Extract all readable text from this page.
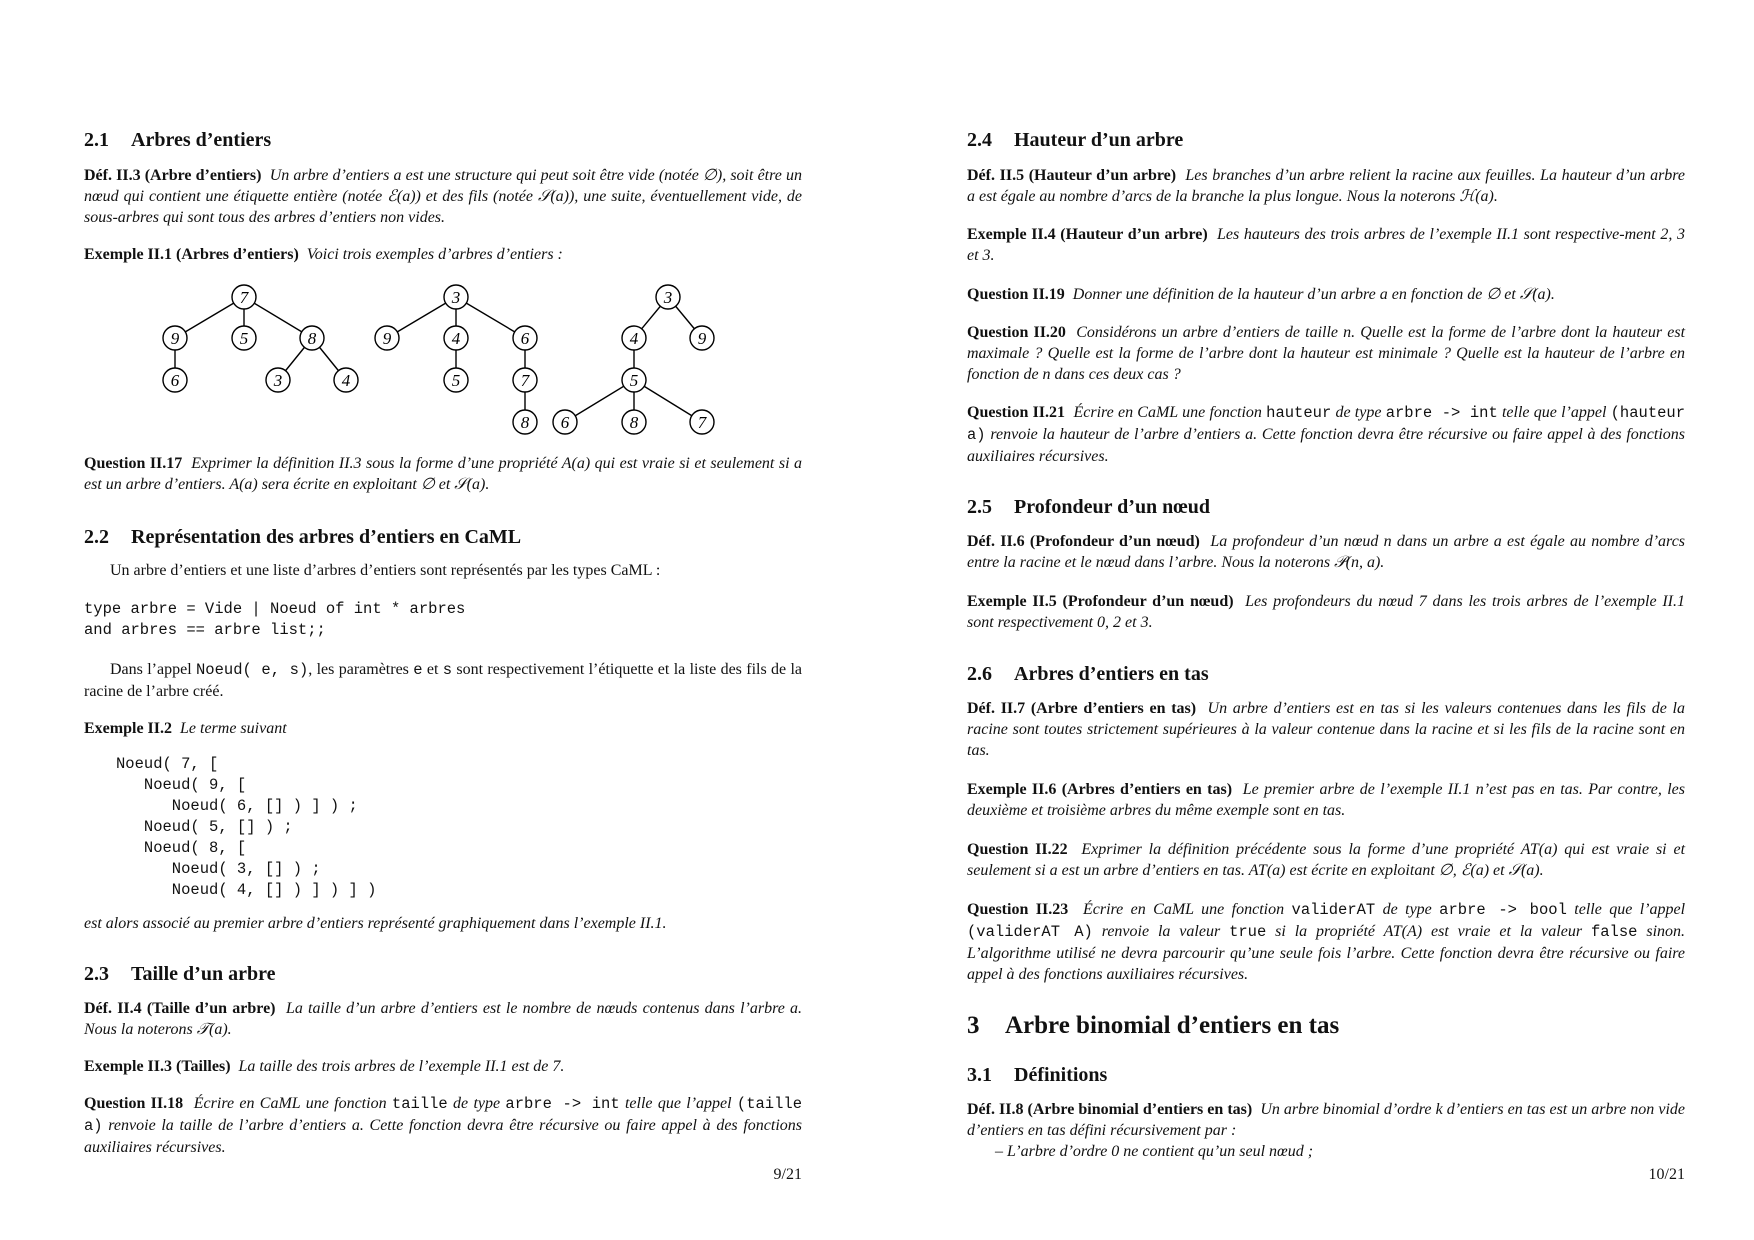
2.1 Arbres d’entiers

Déf. II.3 (Arbre d’entiers) Un arbre d’entiers a est une structure qui peut soit être vide (notée ∅), soit être un nœud qui contient une étiquette entière (notée ℰ(a)) et des fils (notée 𝒮(a)), une suite, éventuellement vide, de sous-arbres qui sont tous des arbres d’entiers non vides.

Exemple II.1 (Arbres d’entiers) Voici trois exemples d’arbres d’entiers :

7
9	5	8
6	3	4
3
9	4	6
5	7
8
3
4	9
5
6	8	7

Question II.17 Exprimer la définition II.3 sous la forme d’une propriété A(a) qui est vraie si et seulement si a est un arbre d’entiers. A(a) sera écrite en exploitant ∅ et 𝒮(a).

2.2 Représentation des arbres d’entiers en CaML

Un arbre d’entiers et une liste d’arbres d’entiers sont représentés par les types CaML :

type arbre = Vide | Noeud of int * arbres
and arbres == arbre list;;

Dans l’appel Noeud( e, s), les paramètres e et s sont respectivement l’étiquette et la liste des fils de la racine de l’arbre créé.

Exemple II.2 Le terme suivant

Noeud( 7, [
Noeud( 9, [
Noeud( 6, [] ) ] ) ;
Noeud( 5, [] ) ;
Noeud( 8, [
Noeud( 3, [] ) ;
Noeud( 4, [] ) ] ) ] )

est alors associé au premier arbre d’entiers représenté graphiquement dans l’exemple II.1.

2.3 Taille d’un arbre

Déf. II.4 (Taille d’un arbre) La taille d’un arbre d’entiers est le nombre de nœuds contenus dans l’arbre a. Nous la noterons 𝒯(a).

Exemple II.3 (Tailles) La taille des trois arbres de l’exemple II.1 est de 7.

Question II.18 Écrire en CaML une fonction taille de type arbre -> int telle que l’appel (taille a) renvoie la taille de l’arbre d’entiers a. Cette fonction devra être récursive ou faire appel à des fonctions auxiliaires récursives.

9/21
2.4 Hauteur d’un arbre

Déf. II.5 (Hauteur d’un arbre) Les branches d’un arbre relient la racine aux feuilles. La hauteur d’un arbre a est égale au nombre d’arcs de la branche la plus longue. Nous la noterons ℋ(a).

Exemple II.4 (Hauteur d’un arbre) Les hauteurs des trois arbres de l’exemple II.1 sont respective-ment 2, 3 et 3.

Question II.19 Donner une définition de la hauteur d’un arbre a en fonction de ∅ et 𝒮(a).

Question II.20 Considérons un arbre d’entiers de taille n. Quelle est la forme de l’arbre dont la hauteur est maximale ? Quelle est la forme de l’arbre dont la hauteur est minimale ? Quelle est la hauteur de l’arbre en fonction de n dans ces deux cas ?

Question II.21 Écrire en CaML une fonction hauteur de type arbre -> int telle que l’appel (hauteur a) renvoie la hauteur de l’arbre d’entiers a. Cette fonction devra être récursive ou faire appel à des fonctions auxiliaires récursives.

2.5 Profondeur d’un nœud

Déf. II.6 (Profondeur d’un nœud) La profondeur d’un nœud n dans un arbre a est égale au nombre d’arcs entre la racine et le nœud dans l’arbre. Nous la noterons 𝒫(n, a).

Exemple II.5 (Profondeur d’un nœud) Les profondeurs du nœud 7 dans les trois arbres de l’exemple II.1 sont respectivement 0, 2 et 3.

2.6 Arbres d’entiers en tas

Déf. II.7 (Arbre d’entiers en tas) Un arbre d’entiers est en tas si les valeurs contenues dans les fils de la racine sont toutes strictement supérieures à la valeur contenue dans la racine et si les fils de la racine sont en tas.

Exemple II.6 (Arbres d’entiers en tas) Le premier arbre de l’exemple II.1 n’est pas en tas. Par contre, les deuxième et troisième arbres du même exemple sont en tas.

Question II.22 Exprimer la définition précédente sous la forme d’une propriété AT(a) qui est vraie si et seulement si a est un arbre d’entiers en tas. AT(a) est écrite en exploitant ∅, ℰ(a) et 𝒮(a).

Question II.23 Écrire en CaML une fonction validerAT de type arbre -> bool telle que l’appel (validerAT A) renvoie la valeur true si la propriété AT(A) est vraie et la valeur false sinon. L’algorithme utilisé ne devra parcourir qu’une seule fois l’arbre. Cette fonction devra être récursive ou faire appel à des fonctions auxiliaires récursives.

3 Arbre binomial d’entiers en tas
3.1 Définitions

Déf. II.8 (Arbre binomial d’entiers en tas) Un arbre binomial d’ordre k d’entiers en tas est un arbre non vide d’entiers en tas défini récursivement par :

– L’arbre d’ordre 0 ne contient qu’un seul nœud ;
10/21
